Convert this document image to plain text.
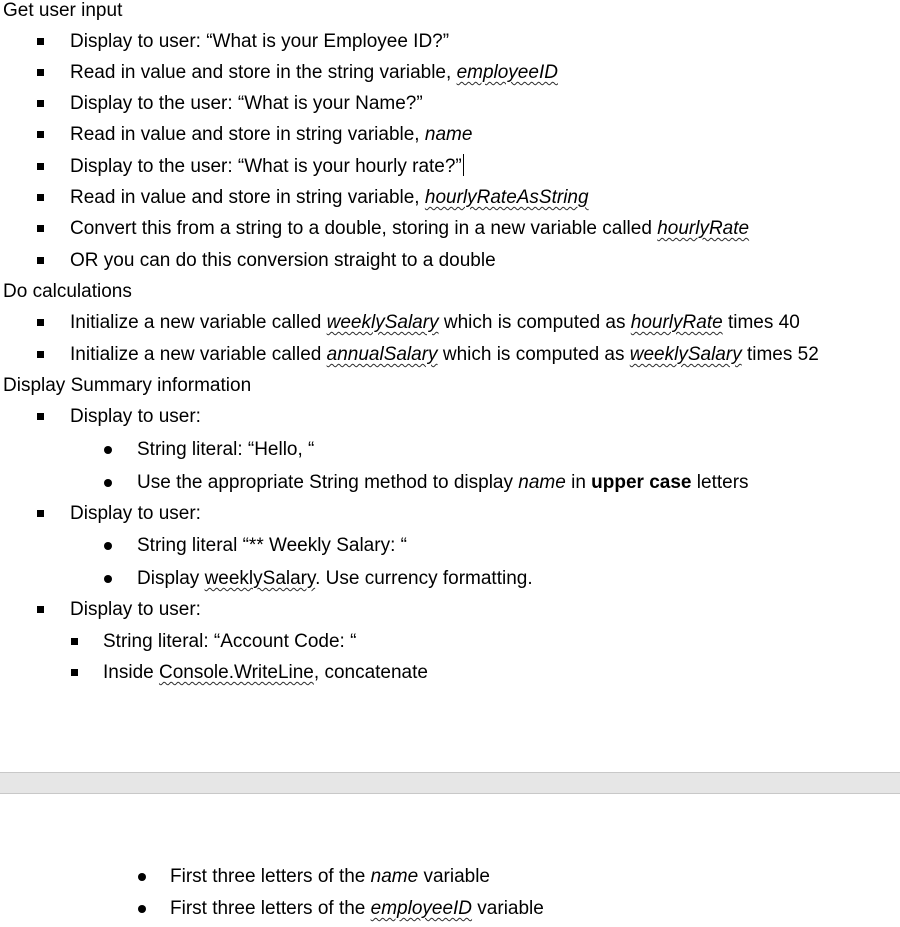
Get user input
Display to user: “What is your Employee ID?”
Read in value and store in the string variable, employeeID
Display to the user: “What is your Name?”
Read in value and store in string variable, name
Display to the user: “What is your hourly rate?”
Read in value and store in string variable, hourlyRateAsString
Convert this from a string to a double, storing in a new variable called hourlyRate
OR you can do this conversion straight to a double
Do calculations
Initialize a new variable called weeklySalary which is computed as hourlyRate times 40
Initialize a new variable called annualSalary which is computed as weeklySalary times 52
Display Summary information
Display to user:
String literal: “Hello, “
Use the appropriate String method to display name in upper case letters
Display to user:
String literal “** Weekly Salary: “
Display weeklySalary. Use currency formatting.
Display to user:
String literal: “Account Code: “
Inside Console.WriteLine, concatenate
First three letters of the name variable
First three letters of the employeeID variable
